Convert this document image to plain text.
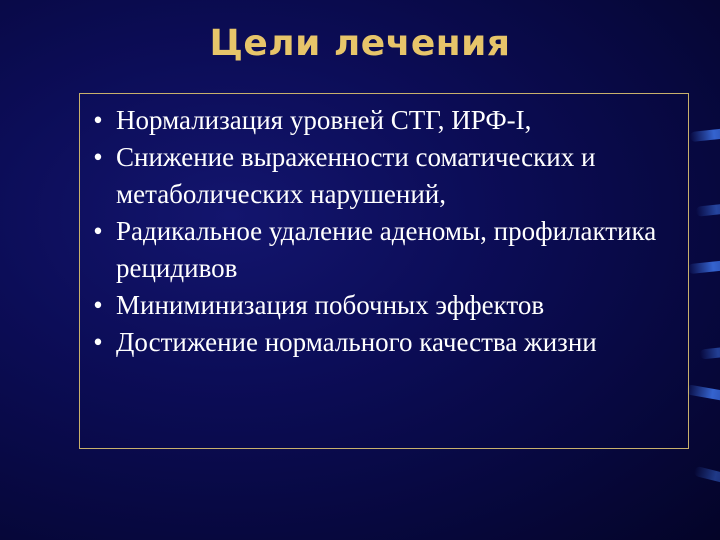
Цели лечения
• Нормализация уровней СТГ, ИРФ-I,
• Снижение выраженности соматических и метаболических нарушений,
• Радикальное удаление аденомы, профилактика рецидивов
• Миниминизация побочных эффектов
• Достижение нормального качества жизни
